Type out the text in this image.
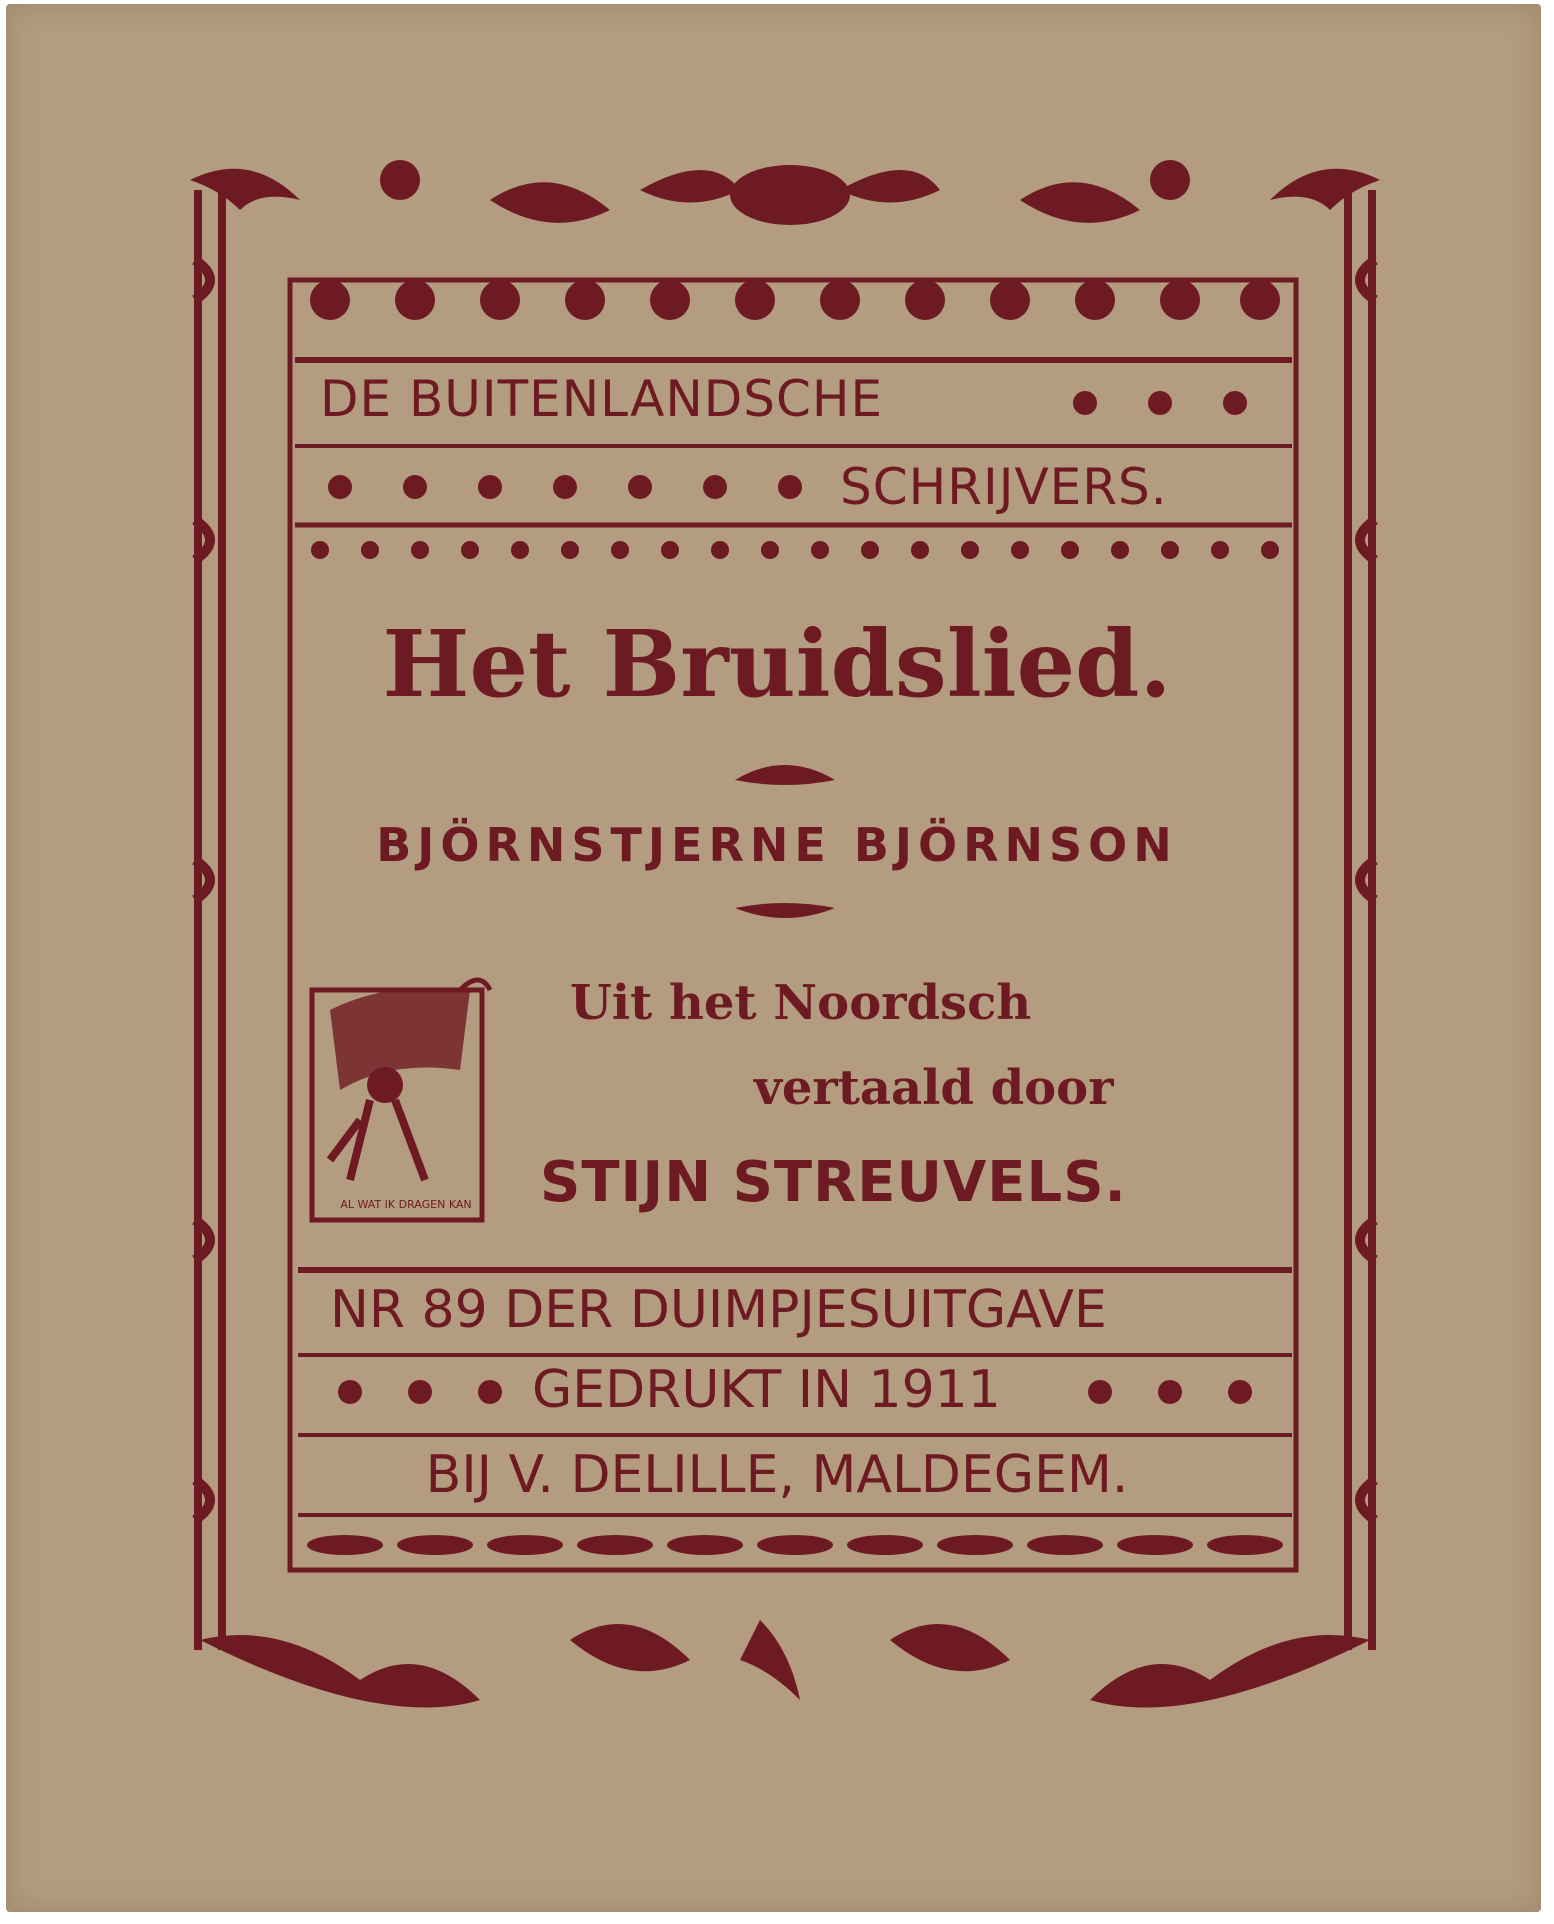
DE BUITENLANDSCHE
SCHRIJVERS.
Het Bruidslied.
BJÖRNSTJERNE BJÖRNSON
Uit het Noordsch
vertaald door
STIJN STREUVELS.
NR 89 DER DUIMPJESUITGAVE
GEDRUKT IN 1911
BIJ V. DELILLE, MALDEGEM.
AL WAT IK DRAGEN KAN
